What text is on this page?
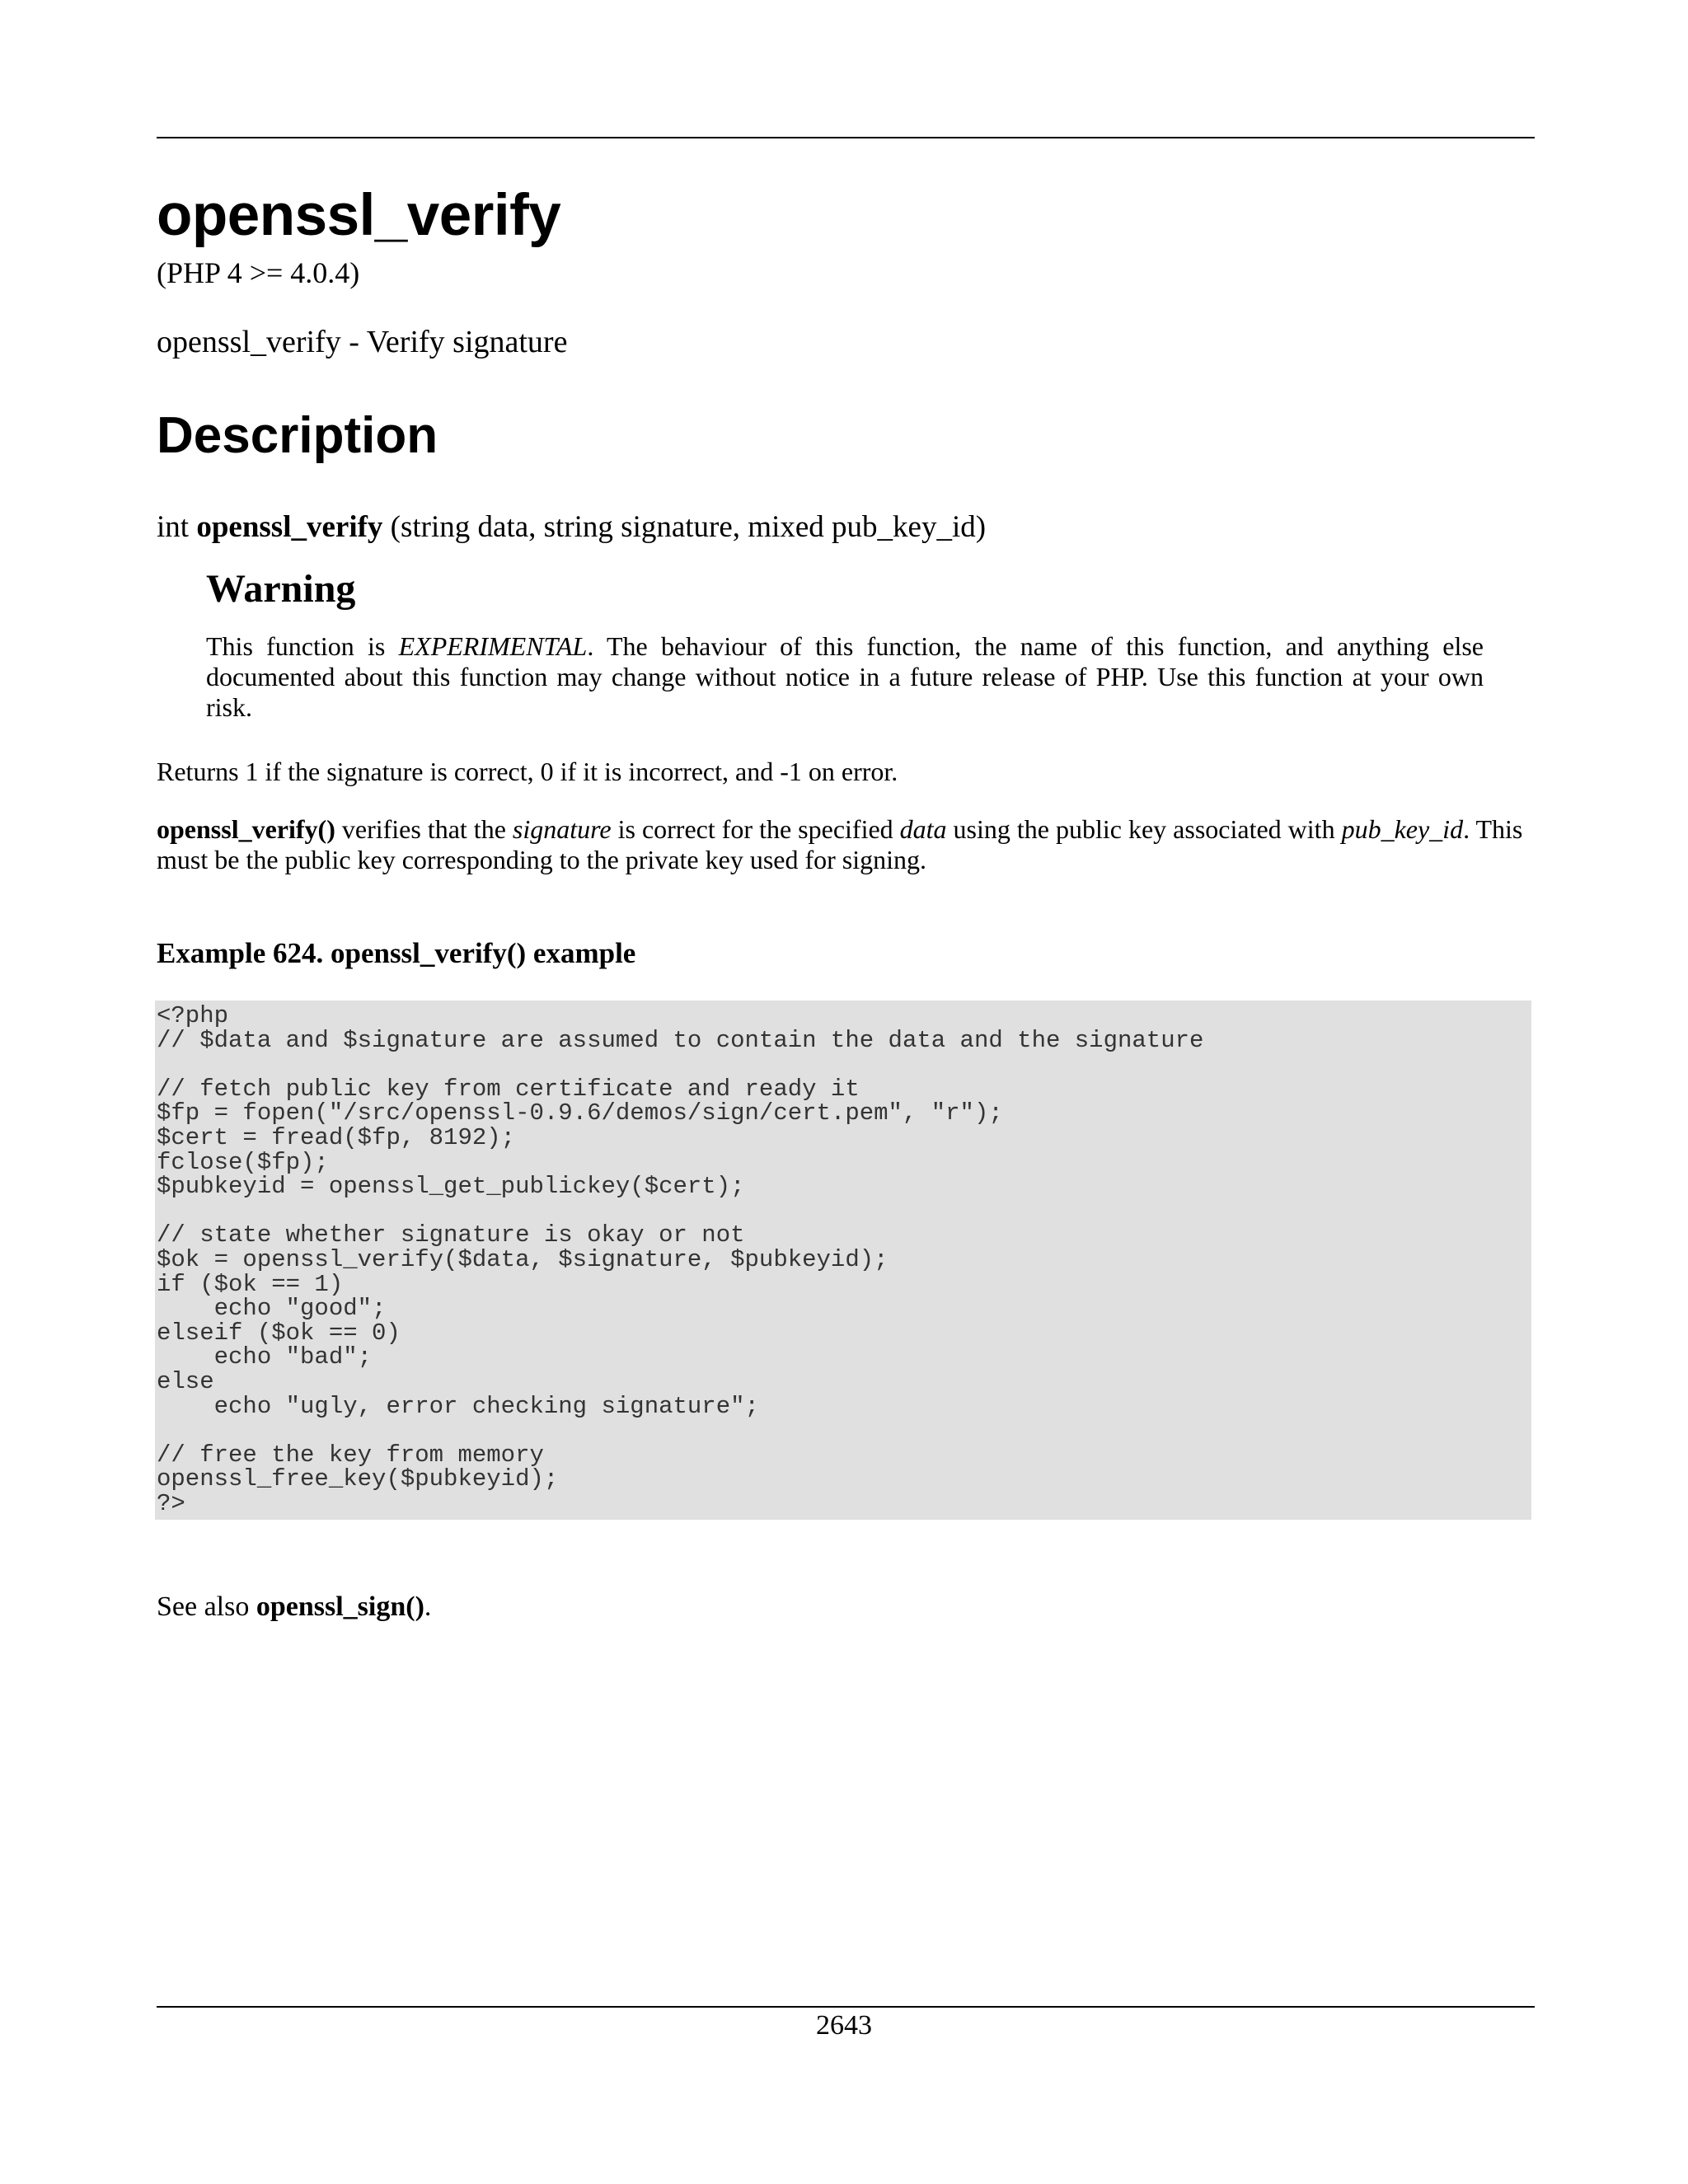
openssl_verify
(PHP 4 >= 4.0.4)
openssl_verify - Verify signature
Description
int openssl_verify (string data, string signature, mixed pub_key_id)
Warning

This function is EXPERIMENTAL. The behaviour of this function, the name of this function, and anything else documented about this function may change without notice in a future release of PHP. Use this function at your own risk.

Returns 1 if the signature is correct, 0 if it is incorrect, and -1 on error.

openssl_verify() verifies that the signature is correct for the specified data using the public key associated with pub_key_id. This must be the public key corresponding to the private key used for signing.

Example 624. openssl_verify() example
<?php
// $data and $signature are assumed to contain the data and the signature

// fetch public key from certificate and ready it
$fp = fopen("/src/openssl-0.9.6/demos/sign/cert.pem", "r");
$cert = fread($fp, 8192);
fclose($fp);
$pubkeyid = openssl_get_publickey($cert);

// state whether signature is okay or not
$ok = openssl_verify($data, $signature, $pubkeyid);
if ($ok == 1)
echo "good";
elseif ($ok == 0)
echo "bad";
else
echo "ugly, error checking signature";

// free the key from memory
openssl_free_key($pubkeyid);
?>
See also openssl_sign().
2643
